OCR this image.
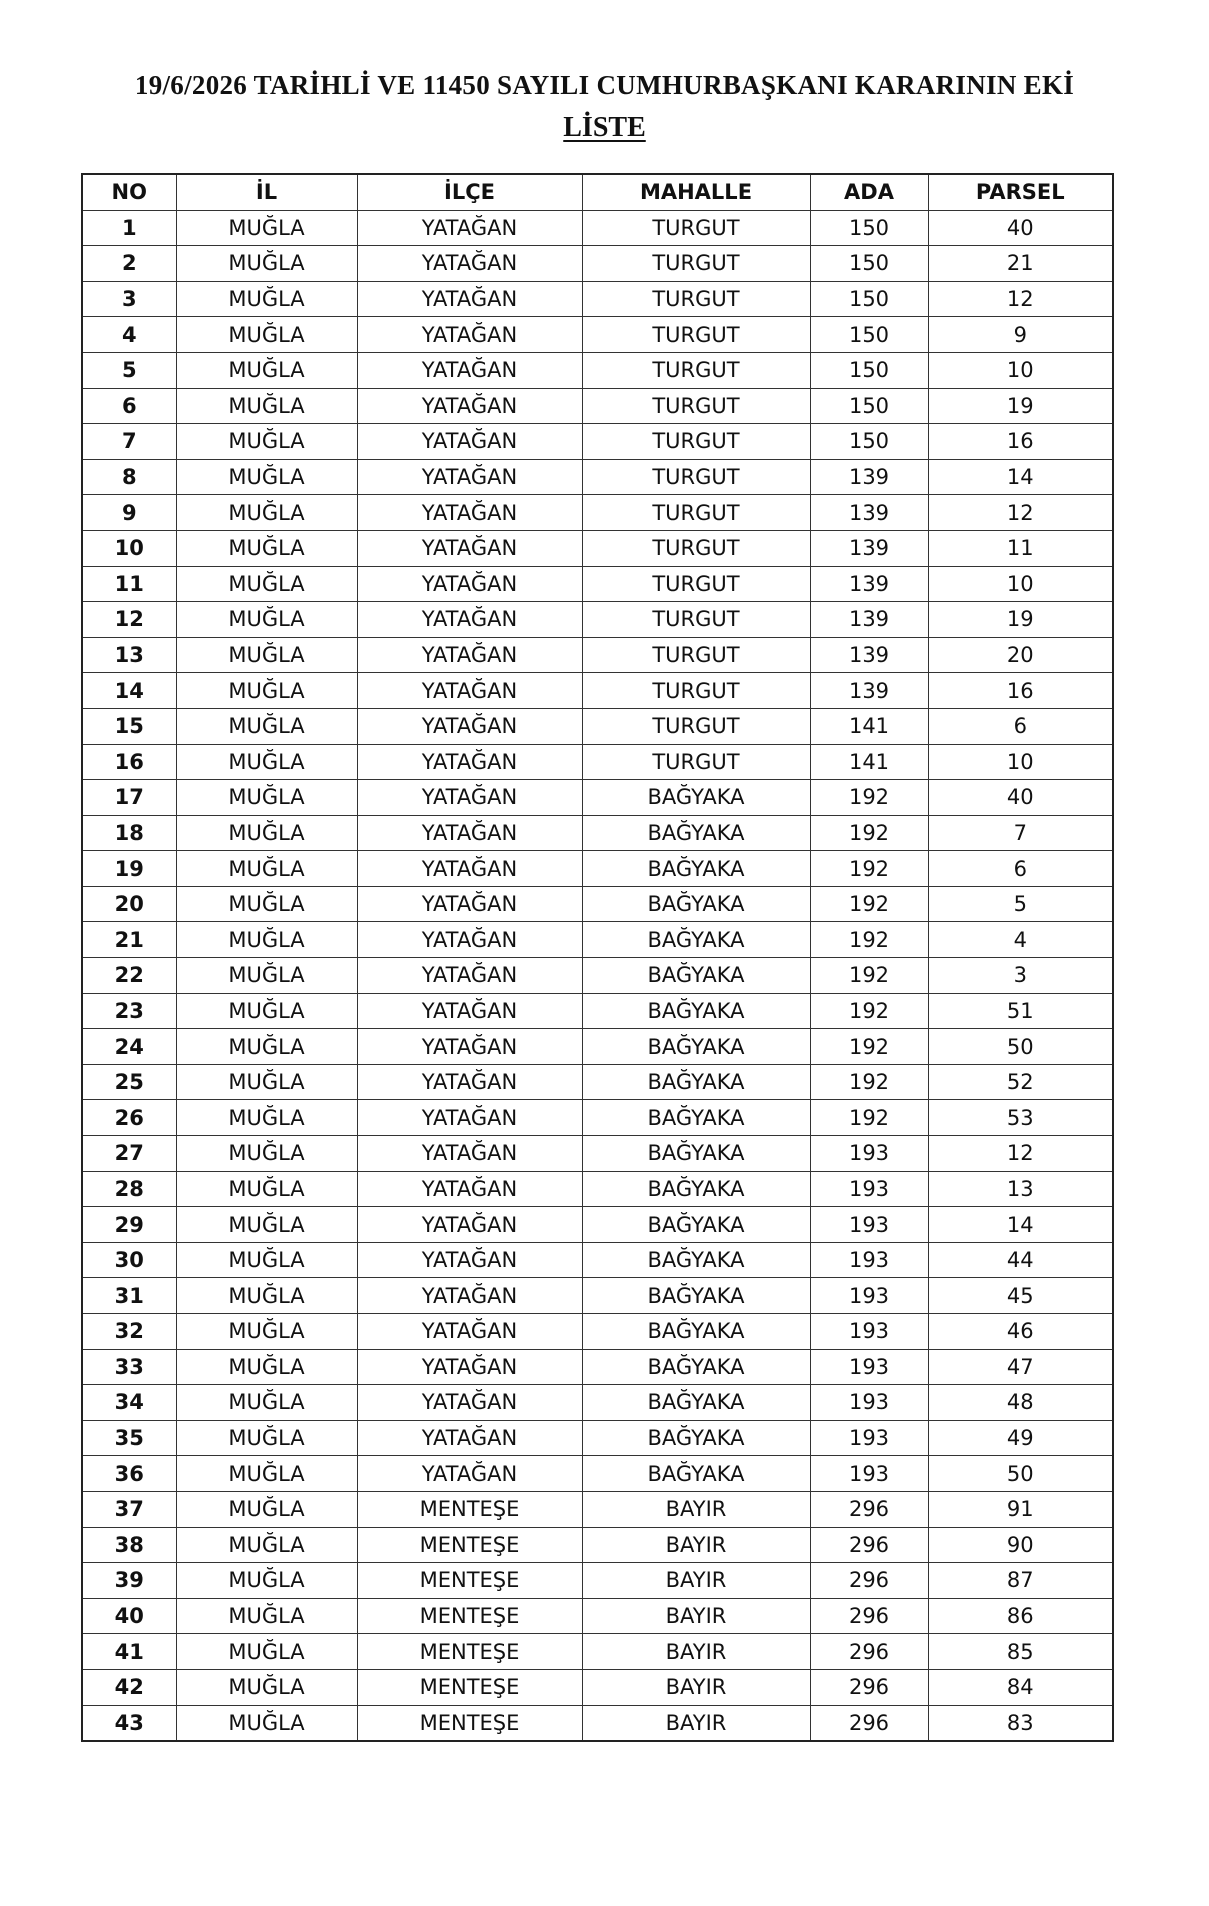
19/6/2026 TARİHLİ VE 11450 SAYILI CUMHURBAŞKANI KARARININ EKİ
LİSTE
NO	İL	İLÇE	MAHALLE	ADA	PARSEL
1	MUĞLA	YATAĞAN	TURGUT	150	40
2	MUĞLA	YATAĞAN	TURGUT	150	21
3	MUĞLA	YATAĞAN	TURGUT	150	12
4	MUĞLA	YATAĞAN	TURGUT	150	9
5	MUĞLA	YATAĞAN	TURGUT	150	10
6	MUĞLA	YATAĞAN	TURGUT	150	19
7	MUĞLA	YATAĞAN	TURGUT	150	16
8	MUĞLA	YATAĞAN	TURGUT	139	14
9	MUĞLA	YATAĞAN	TURGUT	139	12
10	MUĞLA	YATAĞAN	TURGUT	139	11
11	MUĞLA	YATAĞAN	TURGUT	139	10
12	MUĞLA	YATAĞAN	TURGUT	139	19
13	MUĞLA	YATAĞAN	TURGUT	139	20
14	MUĞLA	YATAĞAN	TURGUT	139	16
15	MUĞLA	YATAĞAN	TURGUT	141	6
16	MUĞLA	YATAĞAN	TURGUT	141	10
17	MUĞLA	YATAĞAN	BAĞYAKA	192	40
18	MUĞLA	YATAĞAN	BAĞYAKA	192	7
19	MUĞLA	YATAĞAN	BAĞYAKA	192	6
20	MUĞLA	YATAĞAN	BAĞYAKA	192	5
21	MUĞLA	YATAĞAN	BAĞYAKA	192	4
22	MUĞLA	YATAĞAN	BAĞYAKA	192	3
23	MUĞLA	YATAĞAN	BAĞYAKA	192	51
24	MUĞLA	YATAĞAN	BAĞYAKA	192	50
25	MUĞLA	YATAĞAN	BAĞYAKA	192	52
26	MUĞLA	YATAĞAN	BAĞYAKA	192	53
27	MUĞLA	YATAĞAN	BAĞYAKA	193	12
28	MUĞLA	YATAĞAN	BAĞYAKA	193	13
29	MUĞLA	YATAĞAN	BAĞYAKA	193	14
30	MUĞLA	YATAĞAN	BAĞYAKA	193	44
31	MUĞLA	YATAĞAN	BAĞYAKA	193	45
32	MUĞLA	YATAĞAN	BAĞYAKA	193	46
33	MUĞLA	YATAĞAN	BAĞYAKA	193	47
34	MUĞLA	YATAĞAN	BAĞYAKA	193	48
35	MUĞLA	YATAĞAN	BAĞYAKA	193	49
36	MUĞLA	YATAĞAN	BAĞYAKA	193	50
37	MUĞLA	MENTEŞE	BAYIR	296	91
38	MUĞLA	MENTEŞE	BAYIR	296	90
39	MUĞLA	MENTEŞE	BAYIR	296	87
40	MUĞLA	MENTEŞE	BAYIR	296	86
41	MUĞLA	MENTEŞE	BAYIR	296	85
42	MUĞLA	MENTEŞE	BAYIR	296	84
43	MUĞLA	MENTEŞE	BAYIR	296	83
